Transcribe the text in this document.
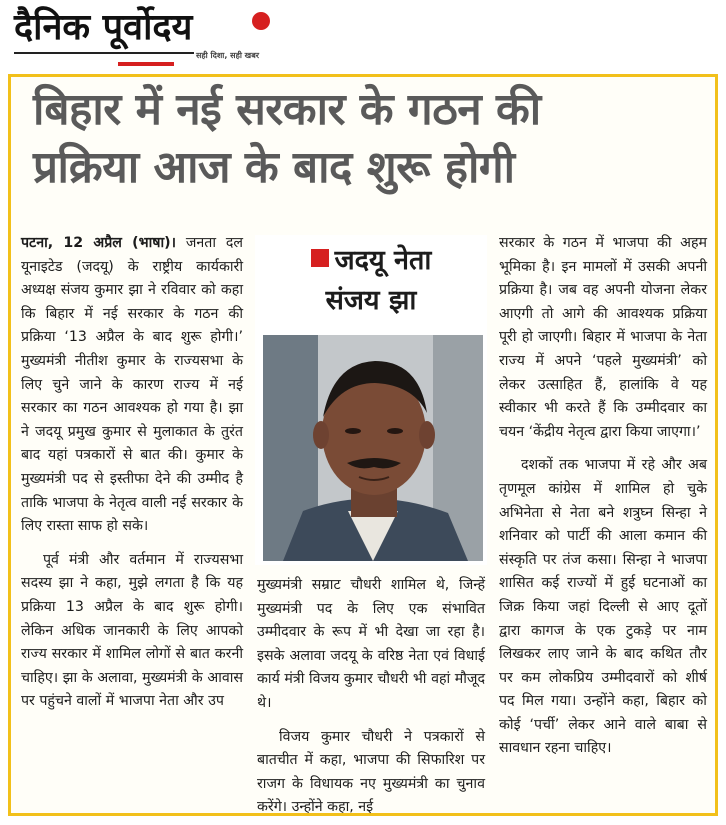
दैनिक पूर्वोदय
सही दिशा, सही खबर
बिहार में नई सरकार के गठन की
प्रक्रिया आज के बाद शुरू होगी

पटना, 12 अप्रैल (भाषा)। जनता दल यूनाइटेड (जदयू) के राष्ट्रीय कार्यकारी अध्यक्ष संजय कुमार झा ने रविवार को कहा कि बिहार में नई सरकार के गठन की प्रक्रिया ‘13 अप्रैल के बाद शुरू होगी।’ मुख्यमंत्री नीतीश कुमार के राज्यसभा के लिए चुने जाने के कारण राज्य में नई सरकार का गठन आवश्यक हो गया है। झा ने जदयू प्रमुख कुमार से मुलाकात के तुरंत बाद यहां पत्रकारों से बात की। कुमार के मुख्यमंत्री पद से इस्तीफा देने की उम्मीद है ताकि भाजपा के नेतृत्व वाली नई सरकार के लिए रास्ता साफ हो सके।

पूर्व मंत्री और वर्तमान में राज्यसभा सदस्य झा ने कहा, मुझे लगता है कि यह प्रक्रिया 13 अप्रैल के बाद शुरू होगी। लेकिन अधिक जानकारी के लिए आपको राज्य सरकार में शामिल लोगों से बात करनी चाहिए। झा के अलावा, मुख्यमंत्री के आवास पर पहुंचने वालों में भाजपा नेता और उप

जदयू नेता
संजय झा

मुख्यमंत्री सम्राट चौधरी शामिल थे, जिन्हें मुख्यमंत्री पद के लिए एक संभावित उम्मीदवार के रूप में भी देखा जा रहा है। इसके अलावा जदयू के वरिष्ठ नेता एवं विधाई कार्य मंत्री विजय कुमार चौधरी भी वहां मौजूद थे।

विजय कुमार चौधरी ने पत्रकारों से बातचीत में कहा, भाजपा की सिफारिश पर राजग के विधायक नए मुख्यमंत्री का चुनाव करेंगे। उन्होंने कहा, नई

सरकार के गठन में भाजपा की अहम भूमिका है। इन मामलों में उसकी अपनी प्रक्रिया है। जब वह अपनी योजना लेकर आएगी तो आगे की आवश्यक प्रक्रिया पूरी हो जाएगी। बिहार में भाजपा के नेता राज्य में अपने ‘पहले मुख्यमंत्री’ को लेकर उत्साहित हैं, हालांकि वे यह स्वीकार भी करते हैं कि उम्मीदवार का चयन ‘केंद्रीय नेतृत्व द्वारा किया जाएगा।’

दशकों तक भाजपा में रहे और अब तृणमूल कांग्रेस में शामिल हो चुके अभिनेता से नेता बने शत्रुघ्न सिन्हा ने शनिवार को पार्टी की आला कमान की संस्कृति पर तंज कसा। सिन्हा ने भाजपा शासित कई राज्यों में हुई घटनाओं का जिक्र किया जहां दिल्ली से आए दूतों द्वारा कागज के एक टुकड़े पर नाम लिखकर लाए जाने के बाद कथित तौर पर कम लोकप्रिय उम्मीदवारों को शीर्ष पद मिल गया। उन्होंने कहा, बिहार को कोई ‘पर्ची’ लेकर आने वाले बाबा से सावधान रहना चाहिए।
